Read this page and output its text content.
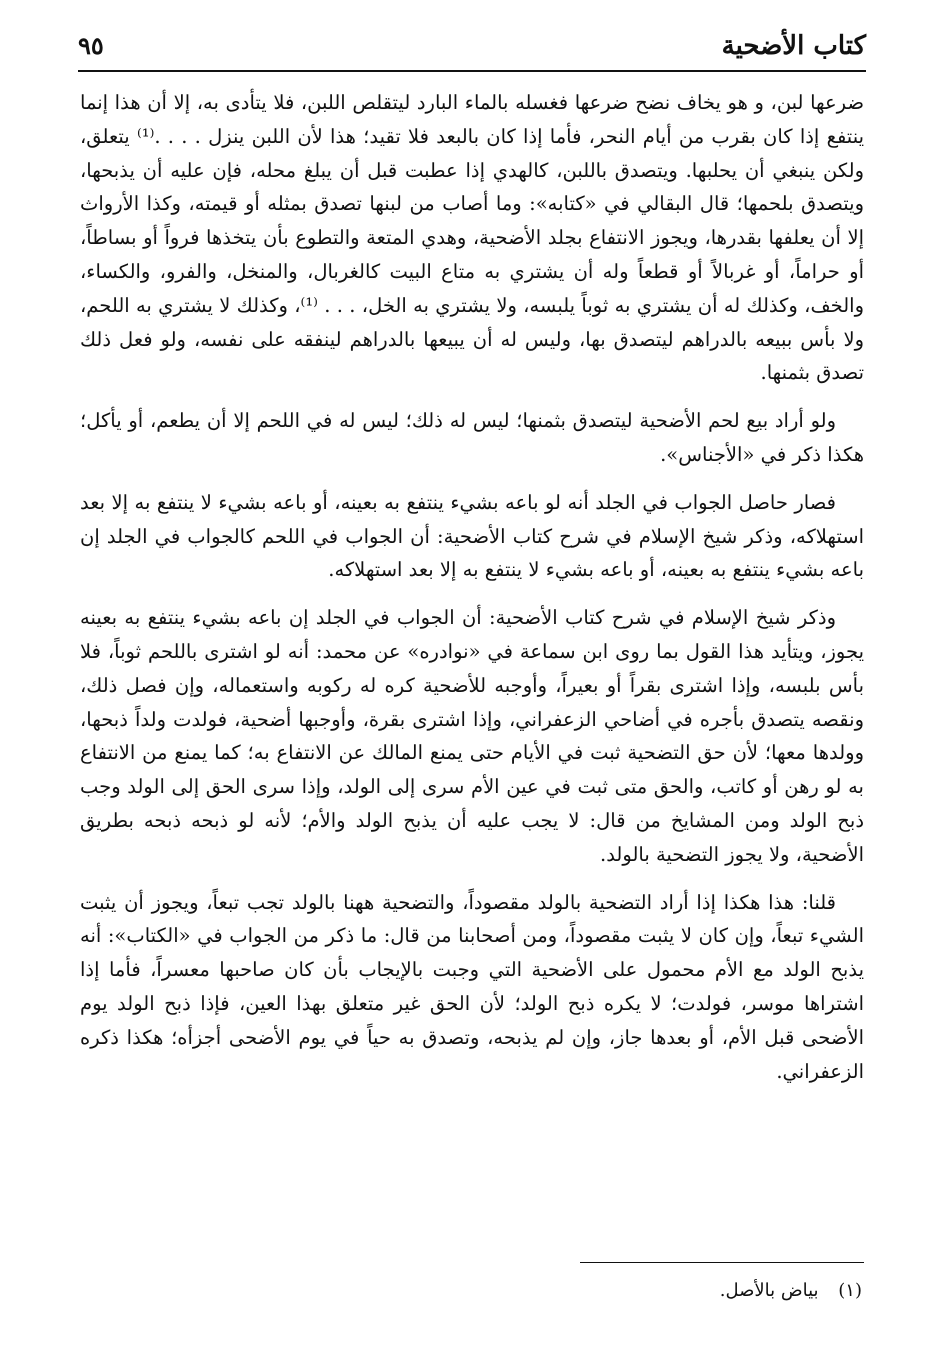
كتاب الأضحية
٩٥

ضرعها لبن، و هو يخاف نضح ضرعها فغسله بالماء البارد ليتقلص اللبن، فلا يتأدى به، إلا أن هذا إنما ينتفع إذا كان بقرب من أيام النحر، فأما إذا كان بالبعد فلا تقيد؛ هذا لأن اللبن ينزل . . . .⁽¹⁾ يتعلق، ولكن ينبغي أن يحلبها. ويتصدق باللبن، كالهدي إذا عطبت قبل أن يبلغ محله، فإن عليه أن يذبحها، ويتصدق بلحمها؛ قال البقالي في «كتابه»: وما أصاب من لبنها تصدق بمثله أو قيمته، وكذا الأرواث إلا أن يعلفها بقدرها، ويجوز الانتفاع بجلد الأضحية، وهدي المتعة والتطوع بأن يتخذها فرواً أو بساطاً، أو حراماً، أو غربالاً أو قطعاً وله أن يشتري به متاع البيت كالغربال، والمنخل، والفرو، والكساء، والخف، وكذلك له أن يشتري به ثوباً يلبسه، ولا يشتري به الخل، . . . ⁽¹⁾، وكذلك لا يشتري به اللحم، ولا بأس ببيعه بالدراهم ليتصدق بها، وليس له أن يبيعها بالدراهم لينفقه على نفسه، ولو فعل ذلك تصدق بثمنها.

ولو أراد بيع لحم الأضحية ليتصدق بثمنها؛ ليس له ذلك؛ ليس له في اللحم إلا أن يطعم، أو يأكل؛ هكذا ذكر في «الأجناس».

فصار حاصل الجواب في الجلد أنه لو باعه بشيء ينتفع به بعينه، أو باعه بشيء لا ينتفع به إلا بعد استهلاكه، وذكر شيخ الإسلام في شرح كتاب الأضحية: أن الجواب في اللحم كالجواب في الجلد إن باعه بشيء ينتفع به بعينه، أو باعه بشيء لا ينتفع به إلا بعد استهلاكه.

وذكر شيخ الإسلام في شرح كتاب الأضحية: أن الجواب في الجلد إن باعه بشيء ينتفع به بعينه يجوز، ويتأيد هذا القول بما روى ابن سماعة في «نوادره» عن محمد: أنه لو اشترى باللحم ثوباً، فلا بأس بلبسه، وإذا اشترى بقراً أو بعيراً، وأوجبه للأضحية كره له ركوبه واستعماله، وإن فصل ذلك، ونقصه يتصدق بأجره في أضاحي الزعفراني، وإذا اشترى بقرة، وأوجبها أضحية، فولدت ولداً ذبحها، وولدها معها؛ لأن حق التضحية ثبت في الأيام حتى يمنع المالك عن الانتفاع به؛ كما يمنع من الانتفاع به لو رهن أو كاتب، والحق متى ثبت في عين الأم سرى إلى الولد، وإذا سرى الحق إلى الولد وجب ذبح الولد ومن المشايخ من قال: لا يجب عليه أن يذبح الولد والأم؛ لأنه لو ذبحه ذبحه بطريق الأضحية، ولا يجوز التضحية بالولد.

قلنا: هذا هكذا إذا أراد التضحية بالولد مقصوداً، والتضحية ههنا بالولد تجب تبعاً، ويجوز أن يثبت الشيء تبعاً، وإن كان لا يثبت مقصوداً، ومن أصحابنا من قال: ما ذكر من الجواب في «الكتاب»: أنه يذبح الولد مع الأم محمول على الأضحية التي وجبت بالإيجاب بأن كان صاحبها معسراً، فأما إذا اشتراها موسر، فولدت؛ لا يكره ذبح الولد؛ لأن الحق غير متعلق بهذا العين، فإذا ذبح الولد يوم الأضحى قبل الأم، أو بعدها جاز، وإن لم يذبحه، وتصدق به حياً في يوم الأضحى أجزأه؛ هكذا ذكره الزعفراني.

(١) بياض بالأصل.
